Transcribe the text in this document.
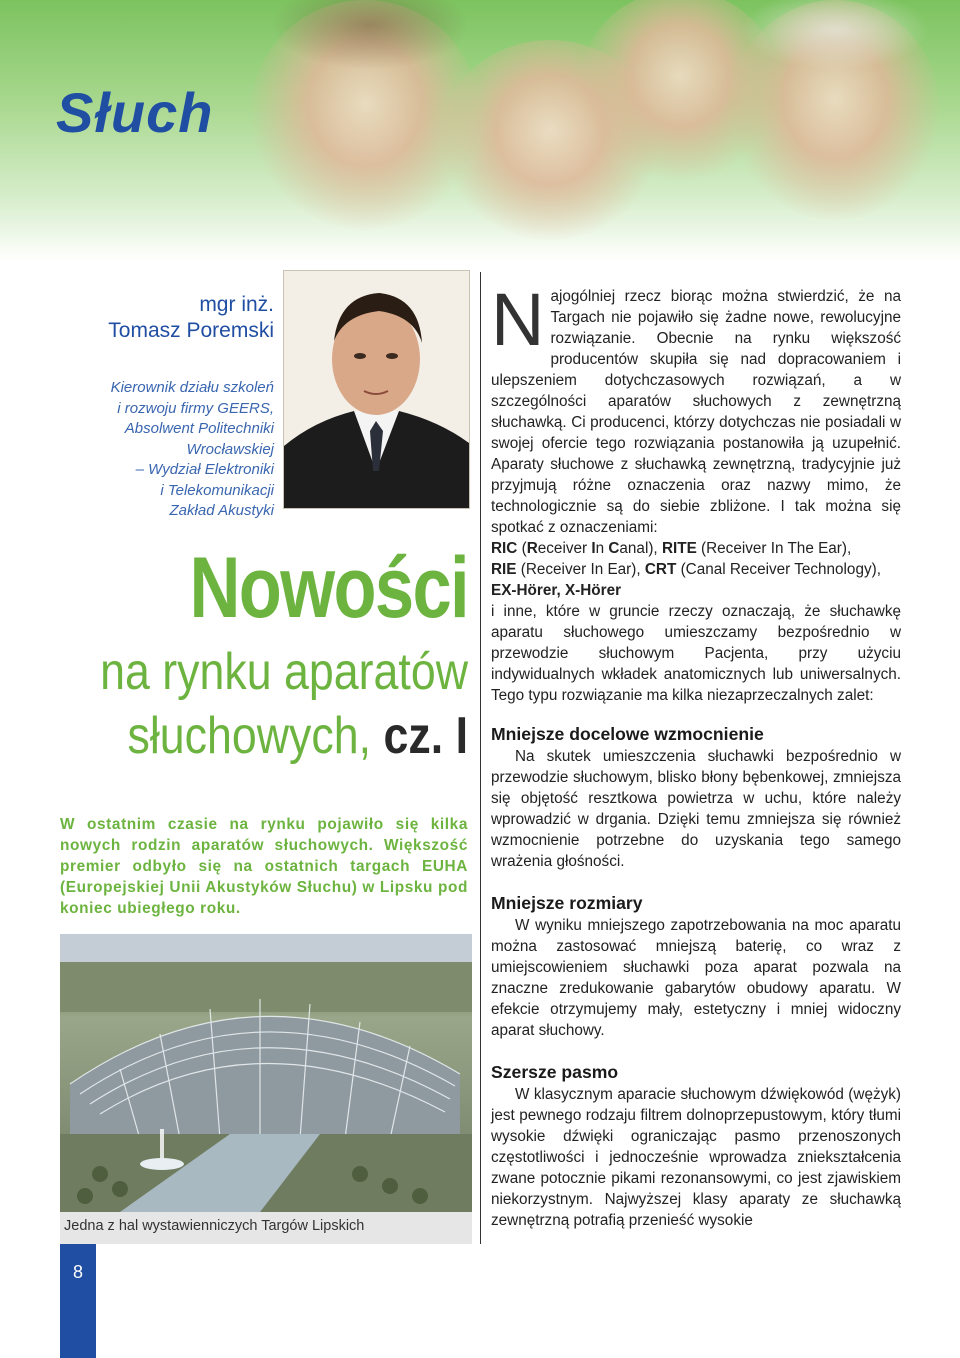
Słuch
mgr inż.
Tomasz Poremski
Kierownik działu szkoleń
i rozwoju firmy GEERS,
Absolwent Politechniki
Wrocławskiej
– Wydział Elektroniki
i Telekomunikacji
Zakład Akustyki
Nowości
na rynku aparatów
słuchowych, cz. I
W ostatnim czasie na rynku pojawiło się kilka nowych rodzin aparatów słuchowych. Większość premier odbyło się na ostatnich targach EUHA (Europejskiej Unii Akustyków Słuchu) w Lipsku pod koniec ubiegłego roku.
Jedna z hal wystawienniczych Targów Lipskich

Najogólniej rzecz biorąc można stwierdzić, że na Targach nie pojawiło się żadne nowe, rewolucyjne rozwiązanie. Obecnie na rynku większość producentów skupiła się nad dopracowaniem i ulepszeniem dotychczasowych rozwiązań, a w szczególności aparatów słuchowych z zewnętrzną słuchawką. Ci producenci, którzy dotychczas nie posiadali w swojej ofercie tego rozwiązania postanowiła ją uzupełnić. Aparaty słuchowe z słuchawką zewnętrzną, tradycyjnie już przyjmują różne oznaczenia oraz nazwy mimo, że technologicznie są do siebie zbliżone. I tak można się spotkać z oznaczeniami:

RIC (Receiver In Canal), RITE (Receiver In The Ear),
RIE (Receiver In Ear), CRT (Canal Receiver Technology),
EX-Hörer, X-Hörer

i inne, które w gruncie rzeczy oznaczają, że słuchawkę aparatu słuchowego umieszczamy bezpośrednio w przewodzie słuchowym Pacjenta, przy użyciu indywidualnych wkładek anatomicznych lub uniwersalnych. Tego typu rozwiązanie ma kilka niezaprzeczalnych zalet:

Mniejsze docelowe wzmocnienie

Na skutek umieszczenia słuchawki bezpośrednio w przewodzie słuchowym, blisko błony bębenkowej, zmniejsza się objętość resztkowa powietrza w uchu, które należy wprowadzić w drgania. Dzięki temu zmniejsza się również wzmocnienie potrzebne do uzyskania tego samego wrażenia głośności.

Mniejsze rozmiary

W wyniku mniejszego zapotrzebowania na moc aparatu można zastosować mniejszą baterię, co wraz z umiejscowieniem słuchawki poza aparat pozwala na znaczne zredukowanie gabarytów obudowy aparatu. W efekcie otrzymujemy mały, estetyczny i mniej widoczny aparat słuchowy.

Szersze pasmo

W klasycznym aparacie słuchowym dźwiękowód (wężyk) jest pewnego rodzaju filtrem dolnoprzepustowym, który tłumi wysokie dźwięki ograniczając pasmo przenoszonych częstotliwości i jednocześnie wprowadza zniekształcenia zwane potocznie pikami rezonansowymi, co jest zjawiskiem niekorzystnym. Najwyższej klasy aparaty ze słuchawką zewnętrzną potrafią przenieść wysokie

8
